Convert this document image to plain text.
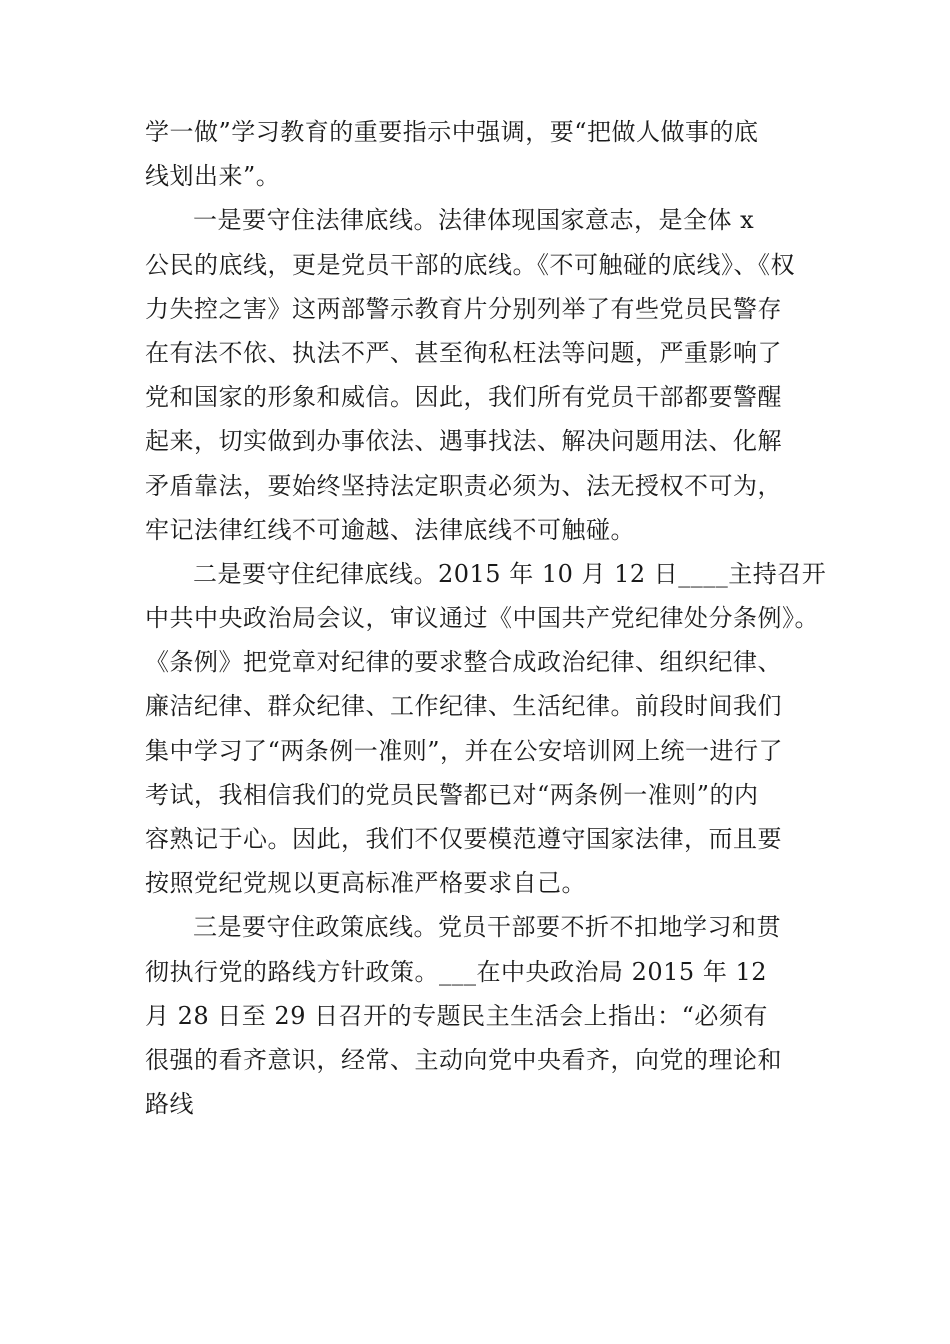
学一做”学习教育的重要指示中强调，要“把做人做事的底
线划出来”。
一是要守住法律底线。法律体现国家意志，是全体 x
公民的底线，更是党员干部的底线。《不可触碰的底线》、《权
力失控之害》这两部警示教育片分别列举了有些党员民警存
在有法不依、执法不严、甚至徇私枉法等问题，严重影响了
党和国家的形象和威信。因此，我们所有党员干部都要警醒
起来，切实做到办事依法、遇事找法、解决问题用法、化解
矛盾靠法，要始终坚持法定职责必须为、法无授权不可为，
牢记法律红线不可逾越、法律底线不可触碰。
二是要守住纪律底线。2015 年 10 月 12 日____主持召开
中共中央政治局会议，审议通过《中国共产党纪律处分条例》。
《条例》把党章对纪律的要求整合成政治纪律、组织纪律、
廉洁纪律、群众纪律、工作纪律、生活纪律。前段时间我们
集中学习了“两条例一准则”，并在公安培训网上统一进行了
考试，我相信我们的党员民警都已对“两条例一准则”的内
容熟记于心。因此，我们不仅要模范遵守国家法律，而且要
按照党纪党规以更高标准严格要求自己。
三是要守住政策底线。党员干部要不折不扣地学习和贯
彻执行党的路线方针政策。___在中央政治局 2015 年 12
月 28 日至 29 日召开的专题民主生活会上指出：“必须有
很强的看齐意识，经常、主动向党中央看齐，向党的理论和
路线
